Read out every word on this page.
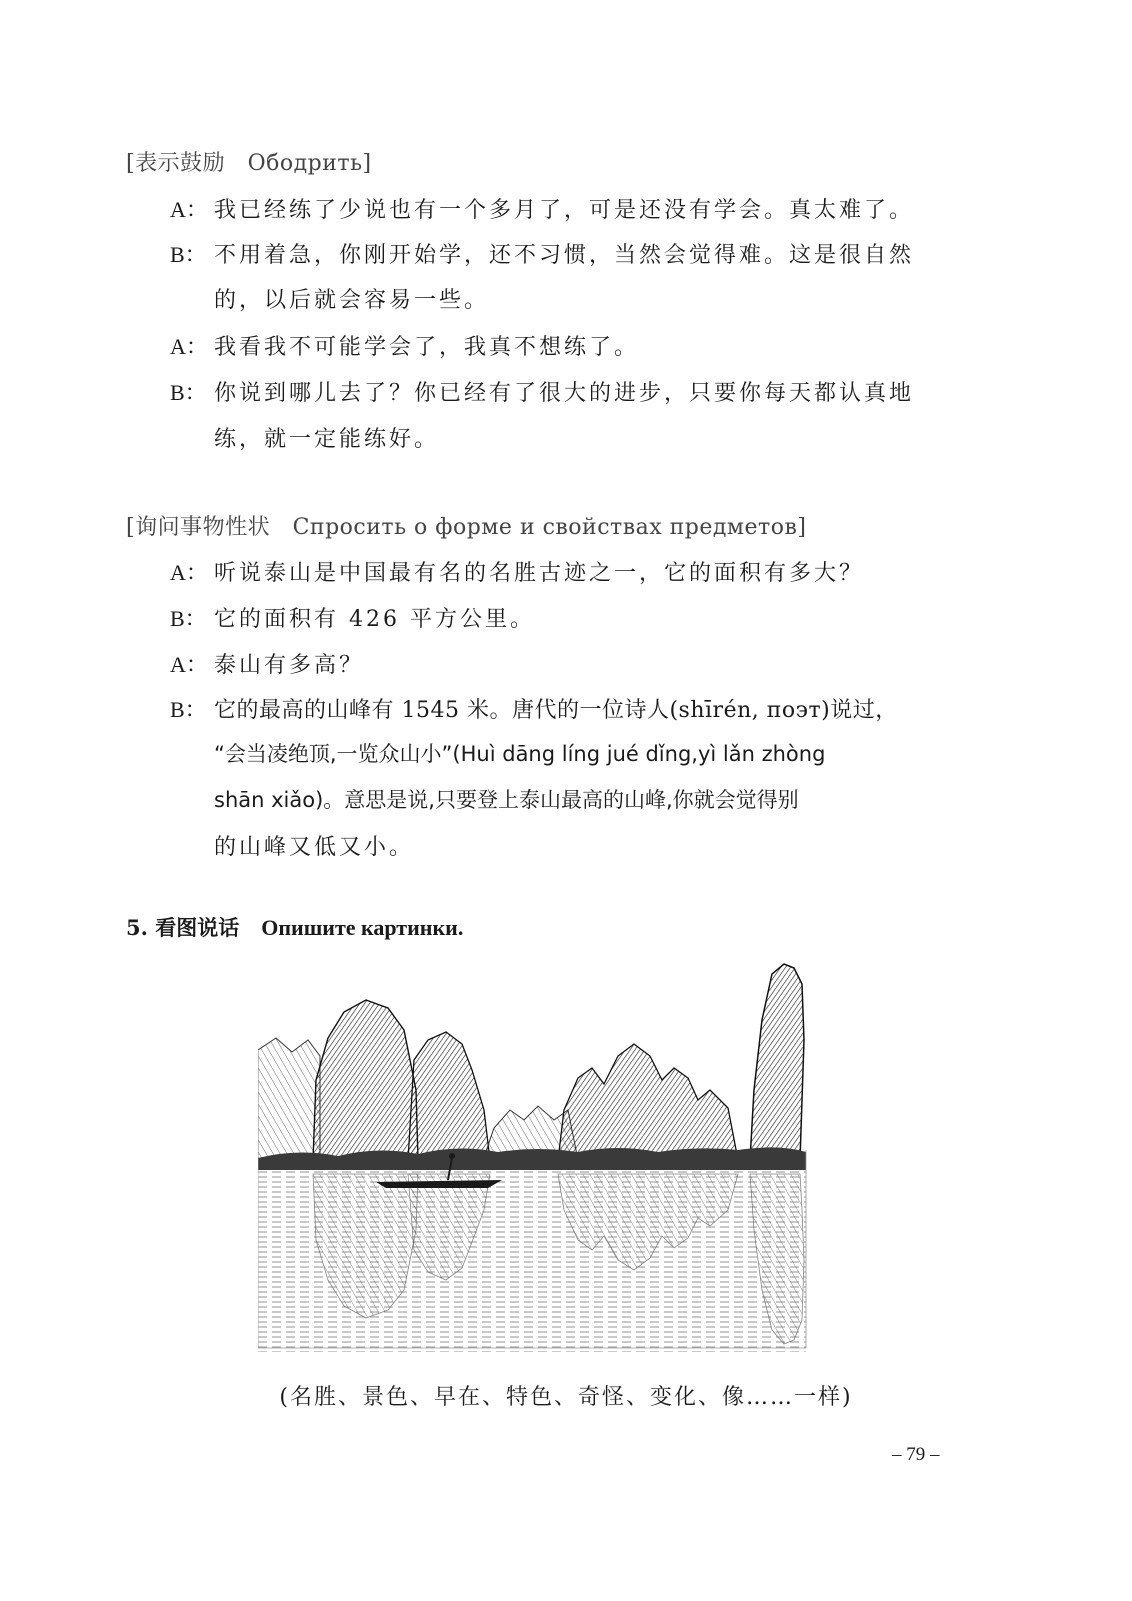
[表示鼓励　Ободрить]
A： 我已经练了少说也有一个多月了，可是还没有学会。真太难了。
B： 不用着急，你刚开始学，还不习惯，当然会觉得难。这是很自然
的，以后就会容易一些。
A： 我看我不可能学会了，我真不想练了。
B： 你说到哪儿去了？你已经有了很大的进步，只要你每天都认真地
练，就一定能练好。
[询问事物性状　Спросить о форме и свойствах предметов]
A： 听说泰山是中国最有名的名胜古迹之一，它的面积有多大？
B： 它的面积有 426 平方公里。
A： 泰山有多高？
B： 它的最高的山峰有 1545 米。唐代的一位诗人(shīrén, поэт)说过，
“会当凌绝顶,一览众山小”(Huì dāng líng jué dǐng,yì lǎn zhòng
shān xiǎo)。意思是说,只要登上泰山最高的山峰,你就会觉得别
的山峰又低又小。
5. 看图说话 Опишите картинки.
(名胜、景色、早在、特色、奇怪、变化、像……一样)
– 79 –
